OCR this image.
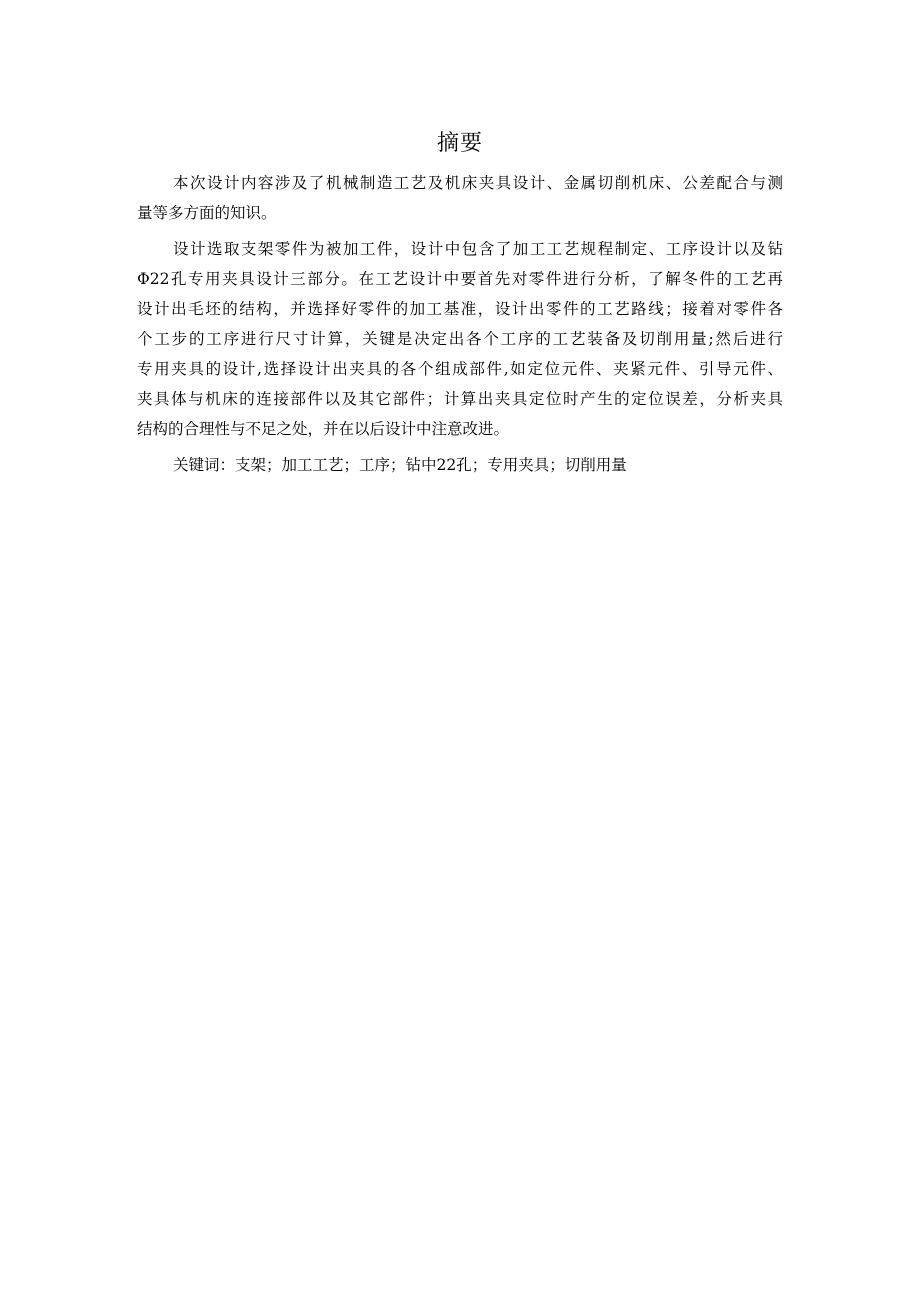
摘要
本次设计内容涉及了机械制造工艺及机床夹具设计、金属切削机床、公差配合与测
量等多方面的知识。
设计选取支架零件为被加工件，设计中包含了加工工艺规程制定、工序设计以及钻
Φ22孔专用夹具设计三部分。在工艺设计中要首先对零件进行分析，了解冬件的工艺再
设计出毛坯的结构，并选择好零件的加工基准，设计出零件的工艺路线；接着对零件各
个工步的工序进行尺寸计算，关键是决定出各个工序的工艺装备及切削用量;然后进行
专用夹具的设计,选择设计出夹具的各个组成部件,如定位元件、夹紧元件、引导元件、
夹具体与机床的连接部件以及其它部件；计算出夹具定位时产生的定位误差，分析夹具
结构的合理性与不足之处，并在以后设计中注意改进。
关键词：支架；加工工艺；工序；钻中22孔；专用夹具；切削用量
